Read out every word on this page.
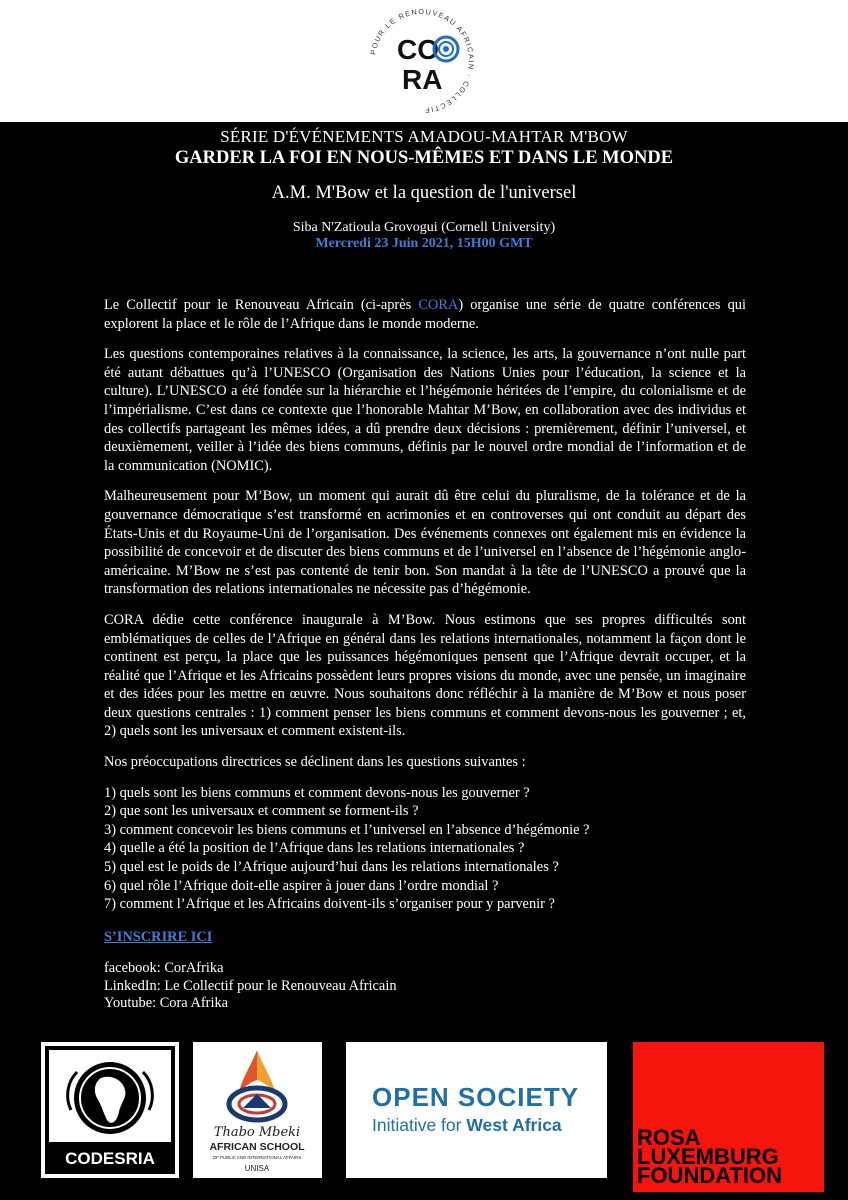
POUR LE RENOUVEAU AFRICAIN · COLLECTIF
CO
RA
SÉRIE D'ÉVÉNEMENTS AMADOU-MAHTAR M'BOW
GARDER LA FOI EN NOUS-MÊMES ET DANS LE MONDE
A.M. M'Bow et la question de l'universel
Siba N'Zatioula Grovogui (Cornell University)
Mercredi 23 Juin 2021, 15H00 GMT

Le Collectif pour le Renouveau Africain (ci-après CORA) organise une série de quatre conférences qui explorent la place et le rôle de l’Afrique dans le monde moderne.

Les questions contemporaines relatives à la connaissance, la science, les arts, la gouvernance n’ont nulle part été autant débattues qu’à l’UNESCO (Organisation des Nations Unies pour l’éducation, la science et la culture). L’UNESCO a été fondée sur la hiérarchie et l’hégémonie héritées de l’empire, du colonialisme et de l’impérialisme. C’est dans ce contexte que l’honorable Mahtar M’Bow, en collaboration avec des individus et des collectifs partageant les mêmes idées, a dû prendre deux décisions : premièrement, définir l’universel, et deuxièmement, veiller à l’idée des biens communs, définis par le nouvel ordre mondial de l’information et de la communication (NOMIC).

Malheureusement pour M’Bow, un moment qui aurait dû être celui du pluralisme, de la tolérance et de la gouvernance démocratique s’est transformé en acrimonies et en controverses qui ont conduit au départ des États-Unis et du Royaume-Uni de l’organisation. Des événements connexes ont également mis en évidence la possibilité de concevoir et de discuter des biens communs et de l’universel en l’absence de l’hégémonie anglo-américaine. M’Bow ne s’est pas contenté de tenir bon. Son mandat à la tête de l’UNESCO a prouvé que la transformation des relations internationales ne nécessite pas d’hégémonie.

CORA dédie cette conférence inaugurale à M’Bow. Nous estimons que ses propres difficultés sont emblématiques de celles de l’Afrique en général dans les relations internationales, notamment la façon dont le continent est perçu, la place que les puissances hégémoniques pensent que l’Afrique devrait occuper, et la réalité que l’Afrique et les Africains possèdent leurs propres visions du monde, avec une pensée, un imaginaire et des idées pour les mettre en œuvre. Nous souhaitons donc réfléchir à la manière de M’Bow et nous poser deux questions centrales : 1) comment penser les biens communs et comment devons-nous les gouverner ; et, 2) quels sont les universaux et comment existent-ils.

Nos préoccupations directrices se déclinent dans les questions suivantes :

1) quels sont les biens communs et comment devons-nous les gouverner ?
2) que sont les universaux et comment se forment-ils ?
3) comment concevoir les biens communs et l’universel en l’absence d’hégémonie ?
4) quelle a été la position de l’Afrique dans les relations internationales ?
5) quel est le poids de l’Afrique aujourd’hui dans les relations internationales ?
6) quel rôle l’Afrique doit-elle aspirer à jouer dans l’ordre mondial ?
7) comment l’Afrique et les Africains doivent-ils s’organiser pour y parvenir ?
S’INSCRIRE ICI
facebook: CorAfrika
LinkedIn: Le Collectif pour le Renouveau Africain
Youtube: Cora Afrika
CODESRIA
Thabo Mbeki
AFRICAN SCHOOL
OF PUBLIC AND INTERNATIONAL AFFAIRS
UNISA
OPEN SOCIETY
Initiative for West Africa	ROSA
LUXEMBURG
FOUNDATION
